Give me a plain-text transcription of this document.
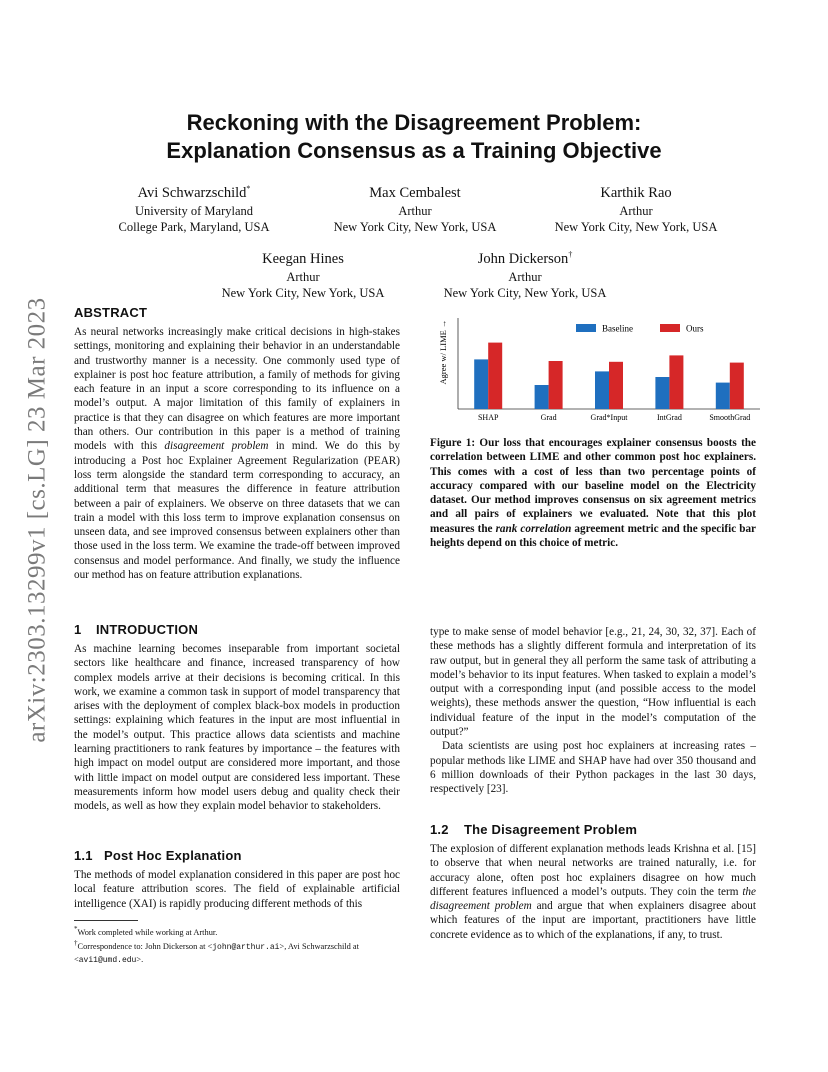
arXiv:2303.13299v1 [cs.LG] 23 Mar 2023
Reckoning with the Disagreement Problem:
Explanation Consensus as a Training Objective
Avi Schwarzschild*
University of Maryland
College Park, Maryland, USA
Max Cembalest
Arthur
New York City, New York, USA
Karthik Rao
Arthur
New York City, New York, USA
Keegan Hines
Arthur
New York City, New York, USA
John Dickerson†
Arthur
New York City, New York, USA
ABSTRACT

As neural networks increasingly make critical decisions in high-stakes settings, monitoring and explaining their behavior in an understandable and trustworthy manner is a necessity. One commonly used type of explainer is post hoc feature attribution, a family of methods for giving each feature in an input a score corresponding to its influence on a model’s output. A major limitation of this family of explainers in practice is that they can disagree on which features are more important than others. Our contribution in this paper is a method of training models with this disagreement problem in mind. We do this by introducing a Post hoc Explainer Agreement Regularization (PEAR) loss term alongside the standard term corresponding to accuracy, an additional term that measures the difference in feature attribution between a pair of explainers. We observe on three datasets that we can train a model with this loss term to improve explanation consensus on unseen data, and see improved consensus between explainers other than those used in the loss term. We examine the trade-off between improved consensus and model performance. And finally, we study the influence our method has on feature attribution explanations.

1 INTRODUCTION

As machine learning becomes inseparable from important societal sectors like healthcare and finance, increased transparency of how complex models arrive at their decisions is becoming critical. In this work, we examine a common task in support of model transparency that arises with the deployment of complex black-box models in production settings: explaining which features in the input are most influential in the model’s output. This practice allows data scientists and machine learning practitioners to rank features by importance – the features with high impact on model output are considered more important, and those with little impact on model output are considered less important. These measurements inform how model users debug and quality check their models, as well as how they explain model behavior to stakeholders.

1.1 Post Hoc Explanation

The methods of model explanation considered in this paper are post hoc local feature attribution scores. The field of explainable artificial intelligence (XAI) is rapidly producing different methods of this

*Work completed while working at Arthur.
†Correspondence to: John Dickerson at <john@arthur.ai>, Avi Schwarzschild at
<avi1@umd.edu>.
Baseline	Ours
Agree w/ LIME →
SHAP	Grad	Grad*Input	IntGrad	SmoothGrad

Figure 1: Our loss that encourages explainer consensus boosts the correlation between LIME and other common post hoc explainers. This comes with a cost of less than two percentage points of accuracy compared with our baseline model on the Electricity dataset. Our method improves consensus on six agreement metrics and all pairs of explainers we evaluated. Note that this plot measures the rank correlation agreement metric and the specific bar heights depend on this choice of metric.

type to make sense of model behavior [e.g., 21, 24, 30, 32, 37]. Each of these methods has a slightly different formula and interpretation of its raw output, but in general they all perform the same task of attributing a model’s behavior to its input features. When tasked to explain a model’s output with a corresponding input (and possible access to the model weights), these methods answer the question, “How influential is each individual feature of the input in the model’s computation of the output?”

Data scientists are using post hoc explainers at increasing rates – popular methods like LIME and SHAP have had over 350 thousand and 6 million downloads of their Python packages in the last 30 days, respectively [23].

1.2 The Disagreement Problem

The explosion of different explanation methods leads Krishna et al. [15] to observe that when neural networks are trained naturally, i.e. for accuracy alone, often post hoc explainers disagree on how much different features influenced a model’s outputs. They coin the term the disagreement problem and argue that when explainers disagree about which features of the input are important, practitioners have little concrete evidence as to which of the explanations, if any, to trust.
